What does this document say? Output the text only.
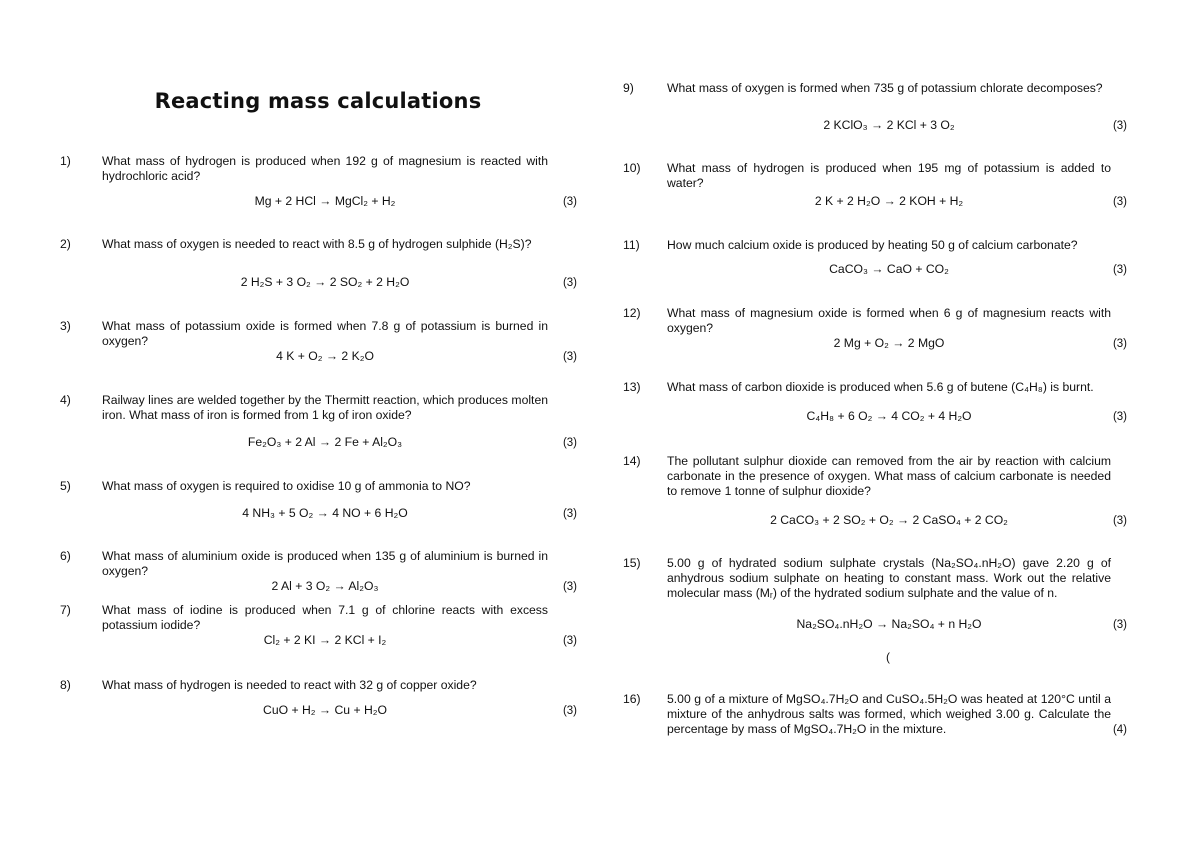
Reacting mass calculations
1)	What mass of hydrogen is produced when 192 g of magnesium is reacted with hydrochloric acid?
Mg + 2 HCl → MgCl₂ + H₂	(3)
2)	What mass of oxygen is needed to react with 8.5 g of hydrogen sulphide (H₂S)?
2 H₂S + 3 O₂ → 2 SO₂ + 2 H₂O	(3)
3)	What mass of potassium oxide is formed when 7.8 g of potassium is burned in oxygen?
4 K + O₂ → 2 K₂O	(3)
4)	Railway lines are welded together by the Thermitt reaction, which produces molten iron. What mass of iron is formed from 1 kg of iron oxide?
Fe₂O₃ + 2 Al → 2 Fe + Al₂O₃	(3)
5)	What mass of oxygen is required to oxidise 10 g of ammonia to NO?
4 NH₃ + 5 O₂ → 4 NO + 6 H₂O	(3)
6)	What mass of aluminium oxide is produced when 135 g of aluminium is burned in oxygen?
2 Al + 3 O₂ → Al₂O₃	(3)
7)	What mass of iodine is produced when 7.1 g of chlorine reacts with excess potassium iodide?
Cl₂ + 2 KI → 2 KCl + I₂	(3)
8)	What mass of hydrogen is needed to react with 32 g of copper oxide?
CuO + H₂ → Cu + H₂O	(3)
9)	What mass of oxygen is formed when 735 g of potassium chlorate decomposes?
2 KClO₃ → 2 KCl + 3 O₂	(3)
10) What mass of hydrogen is produced when 195 mg of potassium is added to water?
2 K + 2 H₂O → 2 KOH + H₂	(3)
11) How much calcium oxide is produced by heating 50 g of calcium carbonate?
CaCO₃ → CaO + CO₂	(3)
12) What mass of magnesium oxide is formed when 6 g of magnesium reacts with oxygen?
2 Mg + O₂ → 2 MgO	(3)
13) What mass of carbon dioxide is produced when 5.6 g of butene (C₄H₈) is burnt.
C₄H₈ + 6 O₂ → 4 CO₂ + 4 H₂O	(3)
14) The pollutant sulphur dioxide can removed from the air by reaction with calcium carbonate in the presence of oxygen. What mass of calcium carbonate is needed to remove 1 tonne of sulphur dioxide?
2 CaCO₃ + 2 SO₂ + O₂ → 2 CaSO₄ + 2 CO₂	(3)
15) 5.00 g of hydrated sodium sulphate crystals (Na₂SO₄.nH₂O) gave 2.20 g of anhydrous sodium sulphate on heating to constant mass. Work out the relative molecular mass (Mᵣ) of the hydrated sodium sulphate and the value of n.
Na₂SO₄.nH₂O → Na₂SO₄ + n H₂O	(3)
(
16) 5.00 g of a mixture of MgSO₄.7H₂O and CuSO₄.5H₂O was heated at 120°C until a mixture of the anhydrous salts was formed, which weighed 3.00 g. Calculate the percentage by mass of MgSO₄.7H₂O in the mixture.	(4)
